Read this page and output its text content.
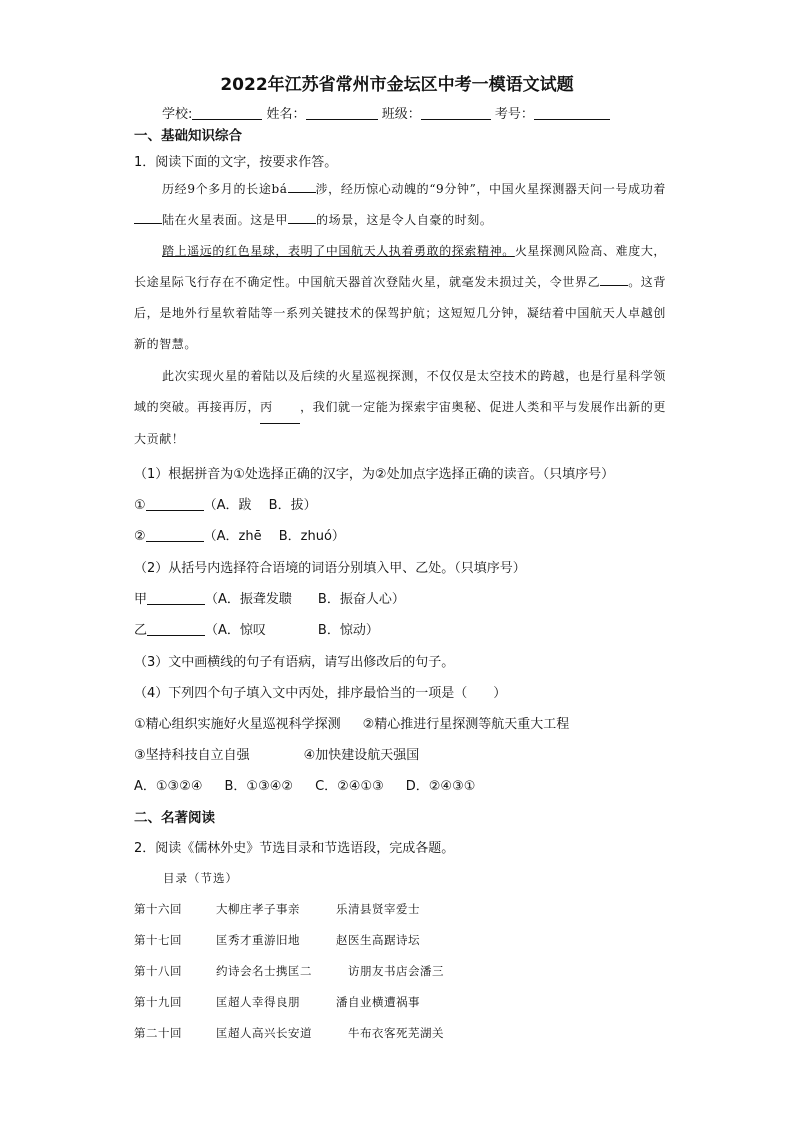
2022年江苏省常州市金坛区中考一模语文试题
学校:	姓名：	班级：	考号：
一、基础知识综合
1．阅读下面的文字，按要求作答。
历经9个多月的长途bá 涉，经历惊心动魄的“9分钟”，中国火星探测器天问一号成功着陆在火星表面。这是甲 的场景，这是令人自豪的时刻。
踏上遥远的红色星球，表明了中国航天人执着勇敢的探索精神。火星探测风险高、难度大，长途星际飞行存在不确定性。中国航天器首次登陆火星，就毫发未损过关，令世界乙 。这背后，是地外行星软着陆等一系列关键技术的保驾护航；这短短几分钟，凝结着中国航天人卓越创新的智慧。
此次实现火星的着陆以及后续的火星巡视探测，不仅仅是太空技术的跨越，也是行星科学领域的突破。再接再厉，丙 ，我们就一定能为探索宇宙奥秘、促进人类和平与发展作出新的更大贡献！
（1）根据拼音为①处选择正确的汉字，为②处加点字选择正确的读音。（只填序号）
①	（A．跋　 B．拔）
②	（A．zhē　 B．zhuó）
（2）从括号内选择符合语境的词语分别填入甲、乙处。（只填序号）
甲	（A．振聋发聩　　B．振奋人心）
乙	（A．惊叹	B．惊动）
（3）文中画横线的句子有语病，请写出修改后的句子。
（4）下列四个句子填入文中丙处，排序最恰当的一项是（　　）
①精心组织实施好火星巡视科学探测 ②精心推进行星探测等航天重大工程
③坚持科技自立自强	④加快建设航天强国
A．①③②④ B．①③④② C．②④①③ D．②④③①
二、名著阅读
2．阅读《儒林外史》节选目录和节选语段，完成各题。
目录（节选）
第十六回	大柳庄孝子事亲	乐清县贤宰爱士
第十七回	匡秀才重游旧地	赵医生高踞诗坛
第十八回	约诗会名士携匡二	访朋友书店会潘三
第十九回	匡超人幸得良朋	潘自业横遭祸事
第二十回	匡超人高兴长安道	牛布衣客死芜湖关
